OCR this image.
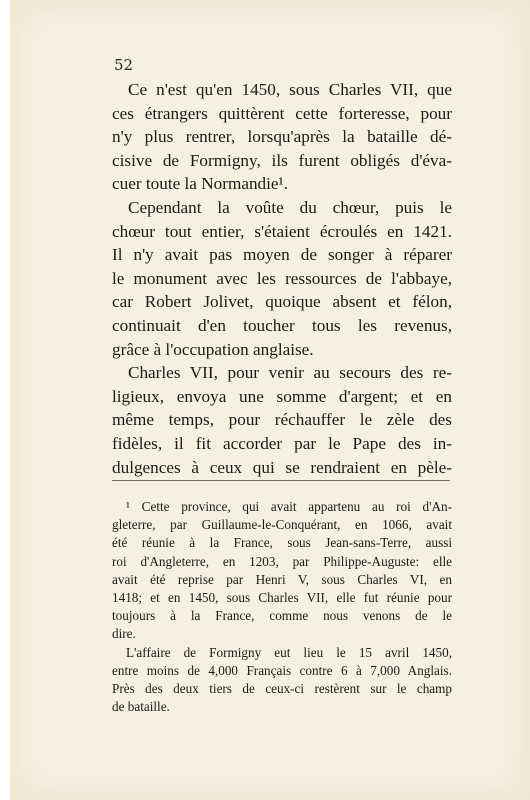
52
Ce n'est qu'en 1450, sous Charles VII, que
ces étrangers quittèrent cette forteresse, pour
n'y plus rentrer, lorsqu'après la bataille dé-
cisive de Formigny, ils furent obligés d'éva-
cuer toute la Normandie¹.
Cependant la voûte du chœur, puis le
chœur tout entier, s'étaient écroulés en 1421.
Il n'y avait pas moyen de songer à réparer
le monument avec les ressources de l'abbaye,
car Robert Jolivet, quoique absent et félon,
continuait d'en toucher tous les revenus,
grâce à l'occupation anglaise.
Charles VII, pour venir au secours des re-
ligieux, envoya une somme d'argent; et en
même temps, pour réchauffer le zèle des
fidèles, il fit accorder par le Pape des in-
dulgences à ceux qui se rendraient en pèle-
¹ Cette province, qui avait appartenu au roi d'An-
gleterre, par Guillaume-le-Conquérant, en 1066, avait
été réunie à la France, sous Jean-sans-Terre, aussi
roi d'Angleterre, en 1203, par Philippe-Auguste: elle
avait été reprise par Henri V, sous Charles VI, en
1418; et en 1450, sous Charles VII, elle fut réunie pour
toujours à la France, comme nous venons de le
dire.
L'affaire de Formigny eut lieu le 15 avril 1450,
entre moins de 4,000 Français contre 6 à 7,000 Anglais.
Près des deux tiers de ceux-ci restèrent sur le champ
de bataille.
